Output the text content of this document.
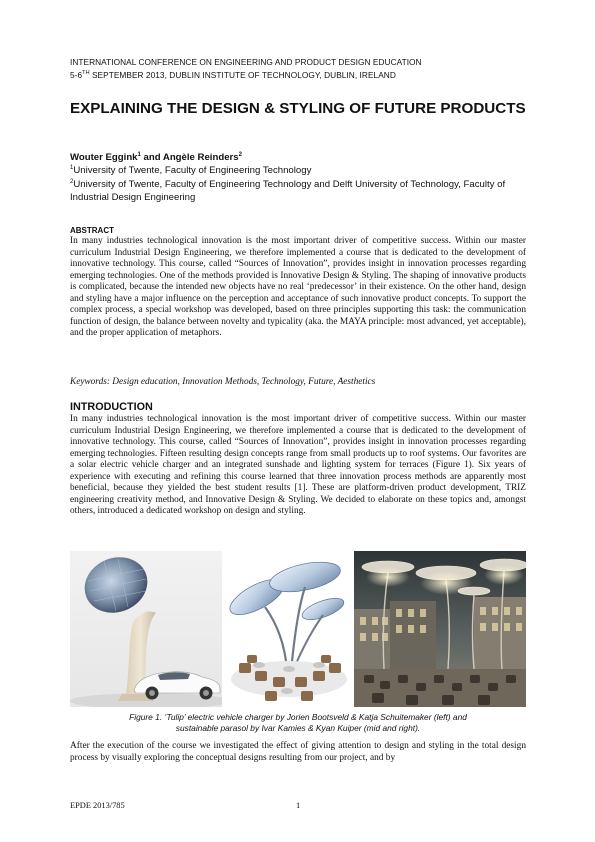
INTERNATIONAL CONFERENCE ON ENGINEERING AND PRODUCT DESIGN EDUCATION
5-6TH SEPTEMBER 2013, DUBLIN INSTITUTE OF TECHNOLOGY, DUBLIN, IRELAND
EXPLAINING THE DESIGN & STYLING OF FUTURE PRODUCTS
Wouter Eggink$^1$ and Angèle Reinders$^2$
$^1$University of Twente, Faculty of Engineering Technology
$^2$University of Twente, Faculty of Engineering Technology and Delft University of Technology, Faculty of Industrial Design Engineering
ABSTRACT

In many industries technological innovation is the most important driver of competitive success. Within our master curriculum Industrial Design Engineering, we therefore implemented a course that is dedicated to the development of innovative technology. This course, called “Sources of Innovation”, provides insight in innovation processes regarding emerging technologies. One of the methods provided is Innovative Design & Styling. The shaping of innovative products is complicated, because the intended new objects have no real ‘predecessor’ in their existence. On the other hand, design and styling have a major influence on the perception and acceptance of such innovative product concepts. To support the complex process, a special workshop was developed, based on three principles supporting this task: the communication function of design, the balance between novelty and typicality (aka. the MAYA principle: most advanced, yet acceptable), and the proper application of metaphors.

Keywords: Design education, Innovation Methods, Technology, Future, Aesthetics
INTRODUCTION

In many industries technological innovation is the most important driver of competitive success. Within our master curriculum Industrial Design Engineering, we therefore implemented a course that is dedicated to the development of innovative technology. This course, called “Sources of Innovation”, provides insight in innovation processes regarding emerging technologies. Fifteen resulting design concepts range from small products up to roof systems. Our favorites are a solar electric vehicle charger and an integrated sunshade and lighting system for terraces (Figure 1). Six years of experience with executing and refining this course learned that three innovation process methods are apparently most beneficial, because they yielded the best student results [1]. These are platform-driven product development, TRIZ engineering creativity method, and Innovative Design & Styling. We decided to elaborate on these topics and, amongst others, introduced a dedicated workshop on design and styling.

Figure 1. ‘Tulip’ electric vehicle charger by Jorien Bootsveld & Katja Schuitemaker (left) and
sustainable parasol by Ivar Kamies & Kyan Kuiper (mid and right).

After the execution of the course we investigated the effect of giving attention to design and styling in the total design process by visually exploring the conceptual designs resulting from our project, and by

EPDE 2013/785	1
